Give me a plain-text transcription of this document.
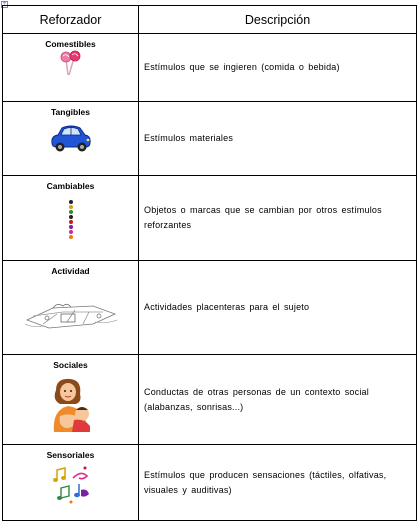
+
Reforzador	Descripción

Comestibles	Estímulos que se ingieren (comida o bebida)

Tangibles	Estímulos materiales

Cambiables	Objetos o marcas que se cambian por otros estímulos reforzantes

Actividad	Actividades placenteras para el sujeto

Sociales	Conductas de otras personas de un contexto social (alabanzas, sonrisas...)

Sensoriales	Estímulos que producen sensaciones (táctiles, olfativas, visuales y auditivas)
